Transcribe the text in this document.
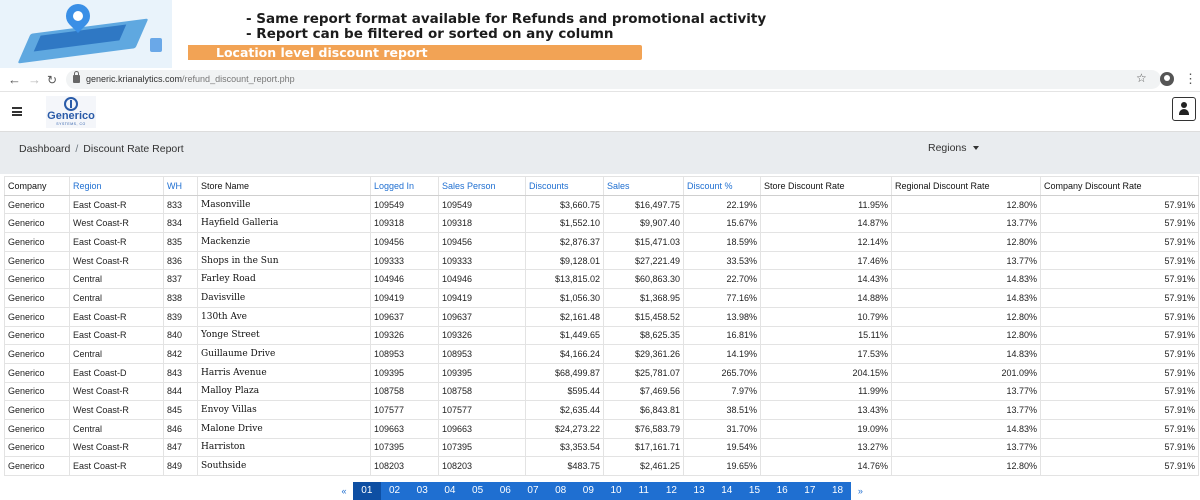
- Same report format available for Refunds and promotional activity
- Report can be filtered or sorted on any column
Location level discount report
← → ↻	generic.krianalytics.com/refund_discount_report.php	☆	⋮
Generico
SYSTEMS, CO
Dashboard / Discount Rate Report	Regions
Company	Region	WH	Store Name	Logged In	Sales Person	Discounts	Sales	Discount %	Store Discount Rate	Regional Discount Rate	Company Discount Rate
Generico	East Coast-R	833	Masonville	109549	109549	$3,660.75	$16,497.75	22.19%	11.95%	12.80%	57.91%
Generico	West Coast-R	834	Hayfield Galleria	109318	109318	$1,552.10	$9,907.40	15.67%	14.87%	13.77%	57.91%
Generico	East Coast-R	835	Mackenzie	109456	109456	$2,876.37	$15,471.03	18.59%	12.14%	12.80%	57.91%
Generico	West Coast-R	836	Shops in the Sun	109333	109333	$9,128.01	$27,221.49	33.53%	17.46%	13.77%	57.91%
Generico	Central	837	Farley Road	104946	104946	$13,815.02	$60,863.30	22.70%	14.43%	14.83%	57.91%
Generico	Central	838	Davisville	109419	109419	$1,056.30	$1,368.95	77.16%	14.88%	14.83%	57.91%
Generico	East Coast-R	839	130th Ave	109637	109637	$2,161.48	$15,458.52	13.98%	10.79%	12.80%	57.91%
Generico	East Coast-R	840	Yonge Street	109326	109326	$1,449.65	$8,625.35	16.81%	15.11%	12.80%	57.91%
Generico	Central	842	Guillaume Drive	108953	108953	$4,166.24	$29,361.26	14.19%	17.53%	14.83%	57.91%
Generico	East Coast-D	843	Harris Avenue	109395	109395	$68,499.87	$25,781.07	265.70%	204.15%	201.09%	57.91%
Generico	West Coast-R	844	Malloy Plaza	108758	108758	$595.44	$7,469.56	7.97%	11.99%	13.77%	57.91%
Generico	West Coast-R	845	Envoy Villas	107577	107577	$2,635.44	$6,843.81	38.51%	13.43%	13.77%	57.91%
Generico	Central	846	Malone Drive	109663	109663	$24,273.22	$76,583.79	31.70%	19.09%	14.83%	57.91%
Generico	West Coast-R	847	Harriston	107395	107395	$3,353.54	$17,161.71	19.54%	13.27%	13.77%	57.91%
Generico	East Coast-R	849	Southside	108203	108203	$483.75	$2,461.25	19.65%	14.76%	12.80%	57.91%
«	01	02	03	04	05	06	07	08	09	10	11	12	13	14	15	16	17	18	»
